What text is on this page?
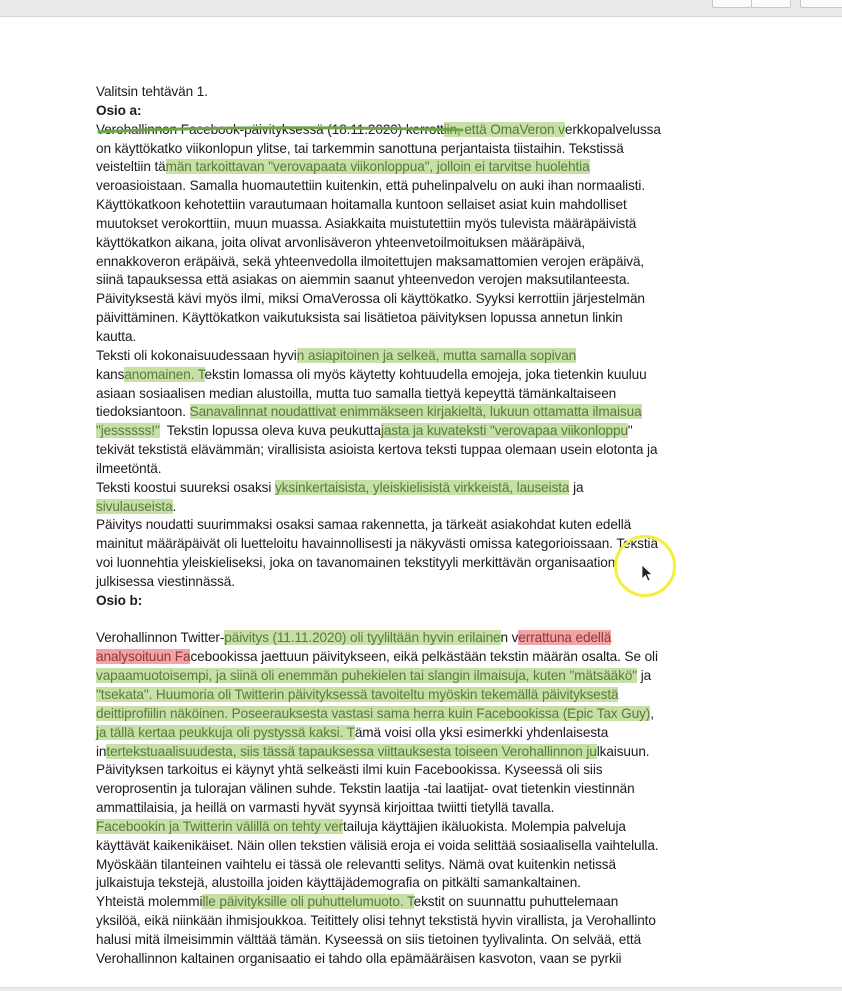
Valitsin tehtävän 1.
Osio a:
Verohallinnon Facebook-päivityksessä (18.11.2020) kerrottiin, että OmaVeron verkkopalvelussa
on käyttökatko viikonlopun ylitse, tai tarkemmin sanottuna perjantaista tiistaihin. Tekstissä
veisteltiin tämän tarkoittavan "verovapaata viikonloppua", jolloin ei tarvitse huolehtia
veroasioistaan. Samalla huomautettiin kuitenkin, että puhelinpalvelu on auki ihan normaalisti.
Käyttökatkoon kehotettiin varautumaan hoitamalla kuntoon sellaiset asiat kuin mahdolliset
muutokset verokorttiin, muun muassa. Asiakkaita muistutettiin myös tulevista määräpäivistä
käyttökatkon aikana, joita olivat arvonlisäveron yhteenvetoilmoituksen määräpäivä,
ennakkoveron eräpäivä, sekä yhteenvedolla ilmoitettujen maksamattomien verojen eräpäivä,
siinä tapauksessa että asiakas on aiemmin saanut yhteenvedon verojen maksutilanteesta.
Päivityksestä kävi myös ilmi, miksi OmaVerossa oli käyttökatko. Syyksi kerrottiin järjestelmän
päivittäminen. Käyttökatkon vaikutuksista sai lisätietoa päivityksen lopussa annetun linkin
kautta.
Teksti oli kokonaisuudessaan hyvin asiapitoinen ja selkeä, mutta samalla sopivan
kansanomainen. Tekstin lomassa oli myös käytetty kohtuudella emojeja, joka tietenkin kuuluu
asiaan sosiaalisen median alustoilla, mutta tuo samalla tiettyä kepeyttä tämänkaltaiseen
tiedoksiantoon. Sanavalinnat noudattivat enimmäkseen kirjakieltä, lukuun ottamatta ilmaisua
"jessssss!"  Tekstin lopussa oleva kuva peukuttajasta ja kuvateksti "verovapaa viikonloppu"
tekivät tekstistä elävämmän; virallisista asioista kertova teksti tuppaa olemaan usein elotonta ja
ilmeetöntä.
Teksti koostui suureksi osaksi yksinkertaisista, yleiskielisistä virkkeistä, lauseista ja
sivulauseista.
Päivitys noudatti suurimmaksi osaksi samaa rakennetta, ja tärkeät asiakohdat kuten edellä
mainitut määräpäivät oli luetteloitu havainnollisesti ja näkyvästi omissa kategorioissaan. Tekstiä
voi luonnehtia yleiskieliseksi, joka on tavanomainen tekstityyli merkittävän organisaation
julkisessa viestinnässä.
Osio b:
Verohallinnon Twitter-päivitys (11.11.2020) oli tyyliltään hyvin erilainen verrattuna edellä
analysoituun Facebookissa jaettuun päivitykseen, eikä pelkästään tekstin määrän osalta. Se oli
vapaamuotoisempi, ja siinä oli enemmän puhekielen tai slangin ilmaisuja, kuten "mätsääkö" ja
"tsekata". Huumoria oli Twitterin päivityksessä tavoiteltu myöskin tekemällä päivityksestä
deittiprofiilin näköinen. Poseerauksesta vastasi sama herra kuin Facebookissa (Epic Tax Guy),
ja tällä kertaa peukkuja oli pystyssä kaksi. Tämä voisi olla yksi esimerkki yhdenlaisesta
intertekstuaalisuudesta, siis tässä tapauksessa viittauksesta toiseen Verohallinnon julkaisuun.
Päivityksen tarkoitus ei käynyt yhtä selkeästi ilmi kuin Facebookissa. Kyseessä oli siis
veroprosentin ja tulorajan välinen suhde. Tekstin laatija -tai laatijat- ovat tietenkin viestinnän
ammattilaisia, ja heillä on varmasti hyvät syynsä kirjoittaa twiitti tietyllä tavalla.
Facebookin ja Twitterin välillä on tehty vertailuja käyttäjien ikäluokista. Molempia palveluja
käyttävät kaikenikäiset. Näin ollen tekstien välisiä eroja ei voida selittää sosiaalisella vaihtelulla.
Myöskään tilanteinen vaihtelu ei tässä ole relevantti selitys. Nämä ovat kuitenkin netissä
julkaistuja tekstejä, alustoilla joiden käyttäjädemografia on pitkälti samankaltainen.
Yhteistä molemmille päivityksille oli puhuttelumuoto. Tekstit on suunnattu puhuttelemaan
yksilöä, eikä niinkään ihmisjoukkoa. Teitittely olisi tehnyt tekstistä hyvin virallista, ja Verohallinto
halusi mitä ilmeisimmin välttää tämän. Kyseessä on siis tietoinen tyylivalinta. On selvää, että
Verohallinnon kaltainen organisaatio ei tahdo olla epämääräisen kasvoton, vaan se pyrkii
